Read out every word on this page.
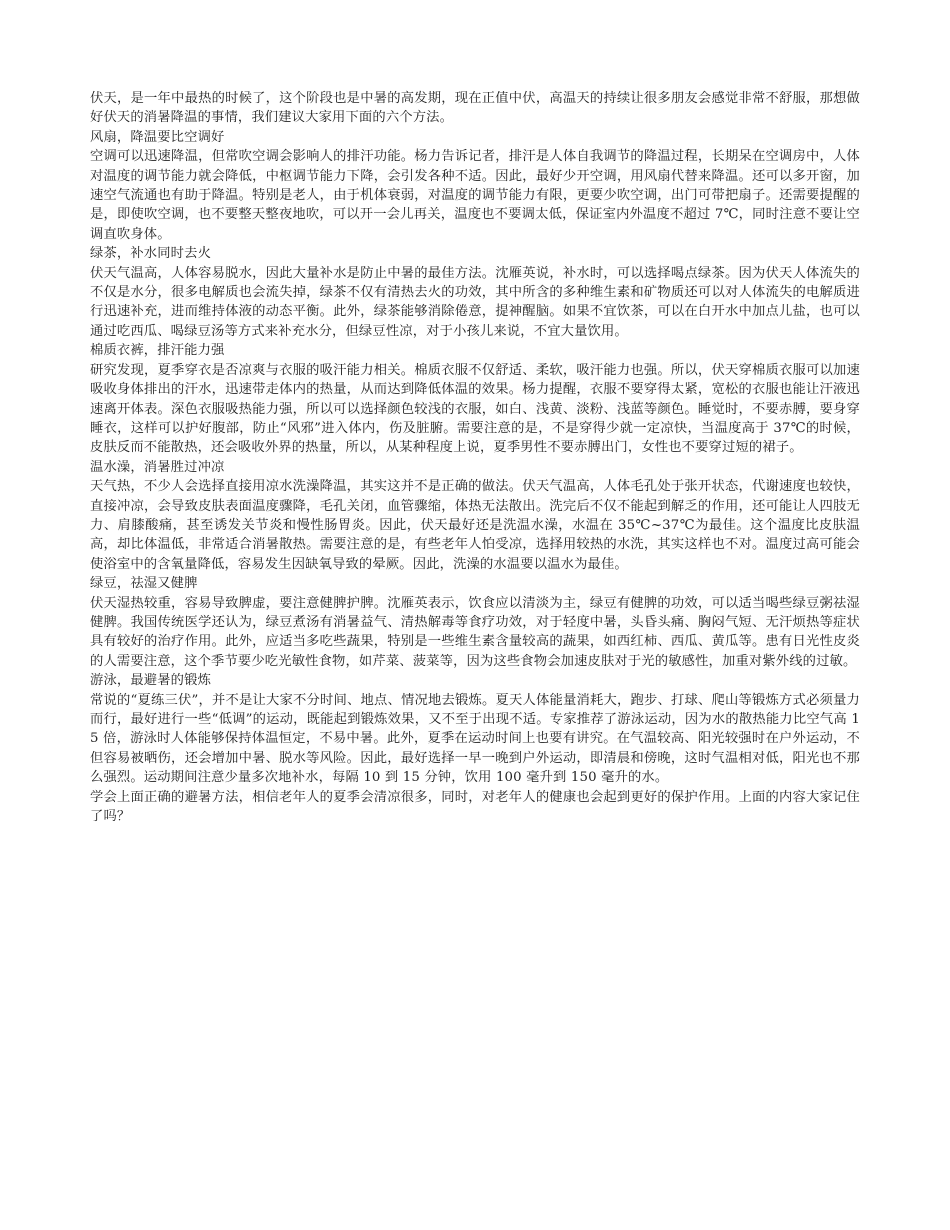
伏天，是一年中最热的时候了，这个阶段也是中暑的高发期，现在正值中伏，高温天的持续让很多朋友会感觉非常不舒服，那想做好伏天的消暑降温的事情，我们建议大家用下面的六个方法。

风扇，降温要比空调好

空调可以迅速降温，但常吹空调会影响人的排汗功能。杨力告诉记者，排汗是人体自我调节的降温过程，长期呆在空调房中，人体对温度的调节能力就会降低，中枢调节能力下降，会引发各种不适。因此，最好少开空调，用风扇代替来降温。还可以多开窗，加速空气流通也有助于降温。特别是老人，由于机体衰弱，对温度的调节能力有限，更要少吹空调，出门可带把扇子。还需要提醒的是，即使吹空调，也不要整天整夜地吹，可以开一会儿再关，温度也不要调太低，保证室内外温度不超过 7℃，同时注意不要让空调直吹身体。

绿茶，补水同时去火

伏天气温高，人体容易脱水，因此大量补水是防止中暑的最佳方法。沈雁英说，补水时，可以选择喝点绿茶。因为伏天人体流失的不仅是水分，很多电解质也会流失掉，绿茶不仅有清热去火的功效，其中所含的多种维生素和矿物质还可以对人体流失的电解质进行迅速补充，进而维持体液的动态平衡。此外，绿茶能够消除倦意，提神醒脑。如果不宜饮茶，可以在白开水中加点儿盐，也可以通过吃西瓜、喝绿豆汤等方式来补充水分，但绿豆性凉，对于小孩儿来说，不宜大量饮用。

棉质衣裤，排汗能力强

研究发现，夏季穿衣是否凉爽与衣服的吸汗能力相关。棉质衣服不仅舒适、柔软，吸汗能力也强。所以，伏天穿棉质衣服可以加速吸收身体排出的汗水，迅速带走体内的热量，从而达到降低体温的效果。杨力提醒，衣服不要穿得太紧，宽松的衣服也能让汗液迅速离开体表。深色衣服吸热能力强，所以可以选择颜色较浅的衣服，如白、浅黄、淡粉、浅蓝等颜色。睡觉时，不要赤膊，要身穿睡衣，这样可以护好腹部，防止“风邪”进入体内，伤及脏腑。需要注意的是，不是穿得少就一定凉快，当温度高于 37℃的时候，皮肤反而不能散热，还会吸收外界的热量，所以，从某种程度上说，夏季男性不要赤膊出门，女性也不要穿过短的裙子。

温水澡，消暑胜过冲凉

天气热，不少人会选择直接用凉水洗澡降温，其实这并不是正确的做法。伏天气温高，人体毛孔处于张开状态，代谢速度也较快，直接冲凉，会导致皮肤表面温度骤降，毛孔关闭，血管骤缩，体热无法散出。洗完后不仅不能起到解乏的作用，还可能让人四肢无力、肩膝酸痛，甚至诱发关节炎和慢性肠胃炎。因此，伏天最好还是洗温水澡，水温在 35℃~37℃为最佳。这个温度比皮肤温高，却比体温低，非常适合消暑散热。需要注意的是，有些老年人怕受凉，选择用较热的水洗，其实这样也不对。温度过高可能会使浴室中的含氧量降低，容易发生因缺氧导致的晕厥。因此，洗澡的水温要以温水为最佳。

绿豆，祛湿又健脾

伏天湿热较重，容易导致脾虚，要注意健脾护脾。沈雁英表示，饮食应以清淡为主，绿豆有健脾的功效，可以适当喝些绿豆粥祛湿健脾。我国传统医学还认为，绿豆煮汤有消暑益气、清热解毒等食疗功效，对于轻度中暑，头昏头痛、胸闷气短、无汗烦热等症状具有较好的治疗作用。此外，应适当多吃些蔬果，特别是一些维生素含量较高的蔬果，如西红柿、西瓜、黄瓜等。患有日光性皮炎的人需要注意，这个季节要少吃光敏性食物，如芹菜、菠菜等，因为这些食物会加速皮肤对于光的敏感性，加重对紫外线的过敏。

游泳，最避暑的锻炼

常说的“夏练三伏”，并不是让大家不分时间、地点、情况地去锻炼。夏天人体能量消耗大，跑步、打球、爬山等锻炼方式必须量力而行，最好进行一些“低调”的运动，既能起到锻炼效果，又不至于出现不适。专家推荐了游泳运动，因为水的散热能力比空气高 15 倍，游泳时人体能够保持体温恒定，不易中暑。此外，夏季在运动时间上也要有讲究。在气温较高、阳光较强时在户外运动，不但容易被晒伤，还会增加中暑、脱水等风险。因此，最好选择一早一晚到户外运动，即清晨和傍晚，这时气温相对低，阳光也不那么强烈。运动期间注意少量多次地补水，每隔 10 到 15 分钟，饮用 100 毫升到 150 毫升的水。

学会上面正确的避暑方法，相信老年人的夏季会清凉很多，同时，对老年人的健康也会起到更好的保护作用。上面的内容大家记住了吗？
